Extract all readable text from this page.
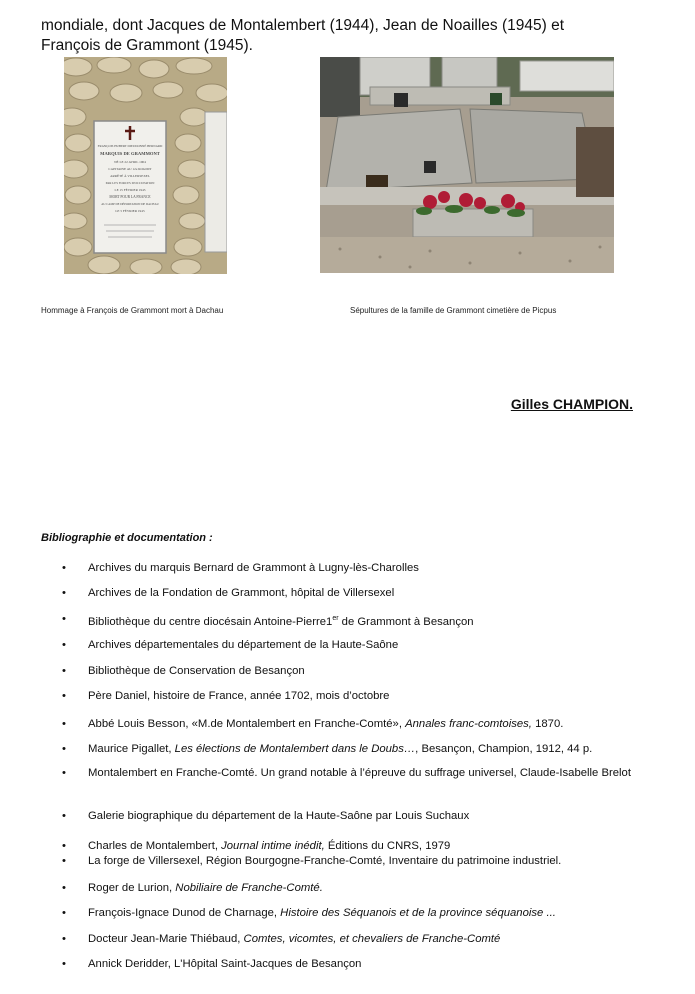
mondiale, dont Jacques de Montalembert (1944), Jean de Noailles (1945) et
François de Grammont (1945).
FRANÇOIS HUBERT DIEUDONNÉ BERNARD
MARQUIS DE GRAMMONT
NÉ LE 22 AVRIL 1904
CAPITAINE AU 12e ROGIMT
ARRÊTÉ À VILLERSEXEL
PAR LES FORCES D'OCCUPATION
LE 15 FÉVRIER 1943
MORT POUR LA FRANCE
AU CAMP DE DÉPORTATION DE DACHAU
LE 5 FÉVRIER 1945
Hommage à François de Grammont mort à Dachau	Sépultures de la famille de Grammont cimetière de Picpus
Gilles CHAMPION.
Bibliographie et documentation :
• Archives du marquis Bernard de Grammont à Lugny-lès-Charolles
• Archives de la Fondation de Grammont, hôpital de Villersexel
• Bibliothèque du centre diocésain Antoine-Pierre1er de Grammont à Besançon
• Archives départementales du département de la Haute-Saône
• Bibliothèque de Conservation de Besançon
• Père Daniel, histoire de France, année 1702, mois d’octobre
• Abbé Louis Besson, «M.de Montalembert en Franche-Comté», Annales franc-comtoises, 1870.
• Maurice Pigallet, Les élections de Montalembert dans le Doubs…, Besançon, Champion, 1912, 44 p.
• Montalembert en Franche-Comté. Un grand notable à l’épreuve du suffrage universel, Claude-Isabelle Brelot
• Galerie biographique du département de la Haute-Saône par Louis Suchaux
• Charles de Montalembert, Journal intime inédit, Éditions du CNRS, 1979
• La forge de Villersexel, Région Bourgogne-Franche-Comté, Inventaire du patrimoine industriel.
• Roger de Lurion, Nobiliaire de Franche-Comté.
• François-Ignace Dunod de Charnage, Histoire des Séquanois et de la province séquanoise ...
• Docteur Jean-Marie Thiébaud, Comtes, vicomtes, et chevaliers de Franche-Comté
• Annick Deridder, L'Hôpital Saint-Jacques de Besançon
